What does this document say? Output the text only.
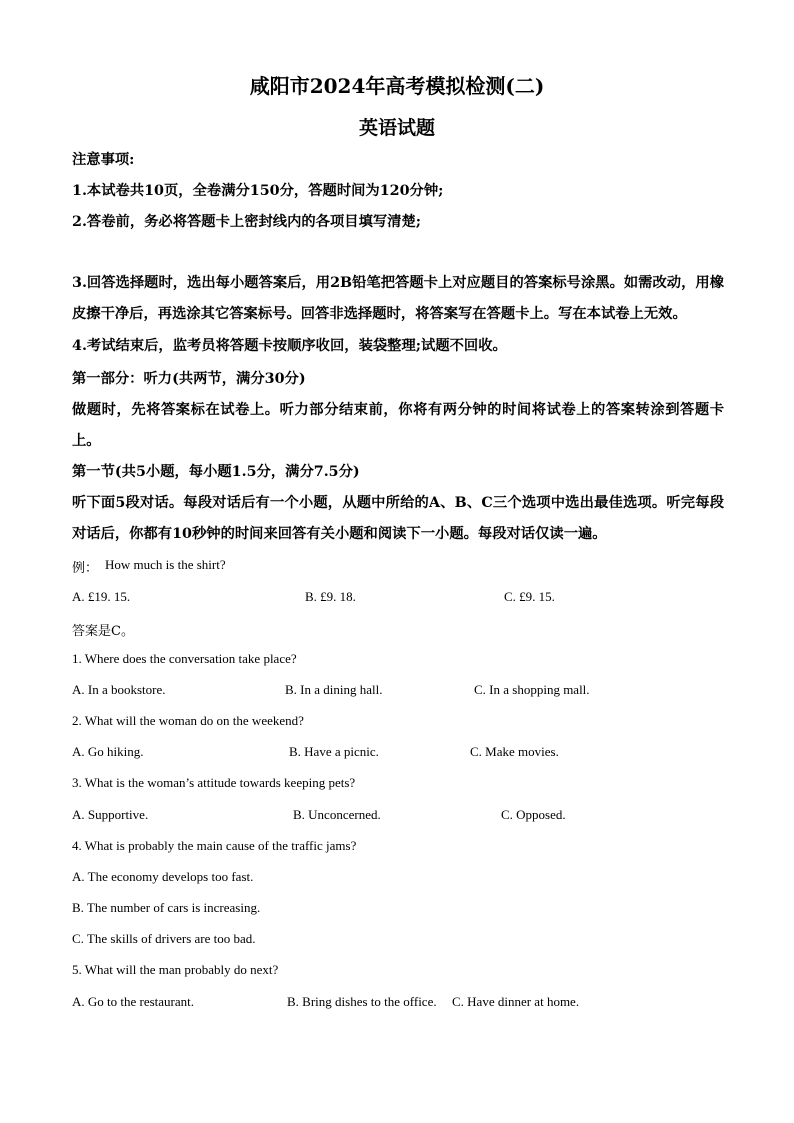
咸阳市2024年高考模拟检测(二)
英语试题
注意事项:
1.本试卷共10页，全卷满分150分，答题时间为120分钟;
2.答卷前，务必将答题卡上密封线内的各项目填写清楚;
3.回答选择题时，选出每小题答案后，用2B铅笔把答题卡上对应题目的答案标号涂黑。如需改动，用橡皮擦干净后，再选涂其它答案标号。回答非选择题时，将答案写在答题卡上。写在本试卷上无效。
4.考试结束后，监考员将答题卡按顺序收回，装袋整理;试题不回收。
第一部分：听力(共两节，满分30分)
做题时，先将答案标在试卷上。听力部分结束前，你将有两分钟的时间将试卷上的答案转涂到答题卡上。
第一节(共5小题，每小题1.5分，满分7.5分)
听下面5段对话。每段对话后有一个小题，从题中所给的A、B、C三个选项中选出最佳选项。听完每段对话后，你都有10秒钟的时间来回答有关小题和阅读下一小题。每段对话仅读一遍。
例： How much is the shirt?
A. £19. 15.	B. £9. 18.	C. £9. 15.
答案是C。
1. Where does the conversation take place?
A. In a bookstore.	B. In a dining hall.	C. In a shopping mall.
2. What will the woman do on the weekend?
A. Go hiking.	B. Have a picnic.	C. Make movies.
3. What is the woman’s attitude towards keeping pets?
A. Supportive.	B. Unconcerned.	C. Opposed.
4. What is probably the main cause of the traffic jams?
A. The economy develops too fast.
B. The number of cars is increasing.
C. The skills of drivers are too bad.
5. What will the man probably do next?
A. Go to the restaurant.	B. Bring dishes to the office. C. Have dinner at home.
